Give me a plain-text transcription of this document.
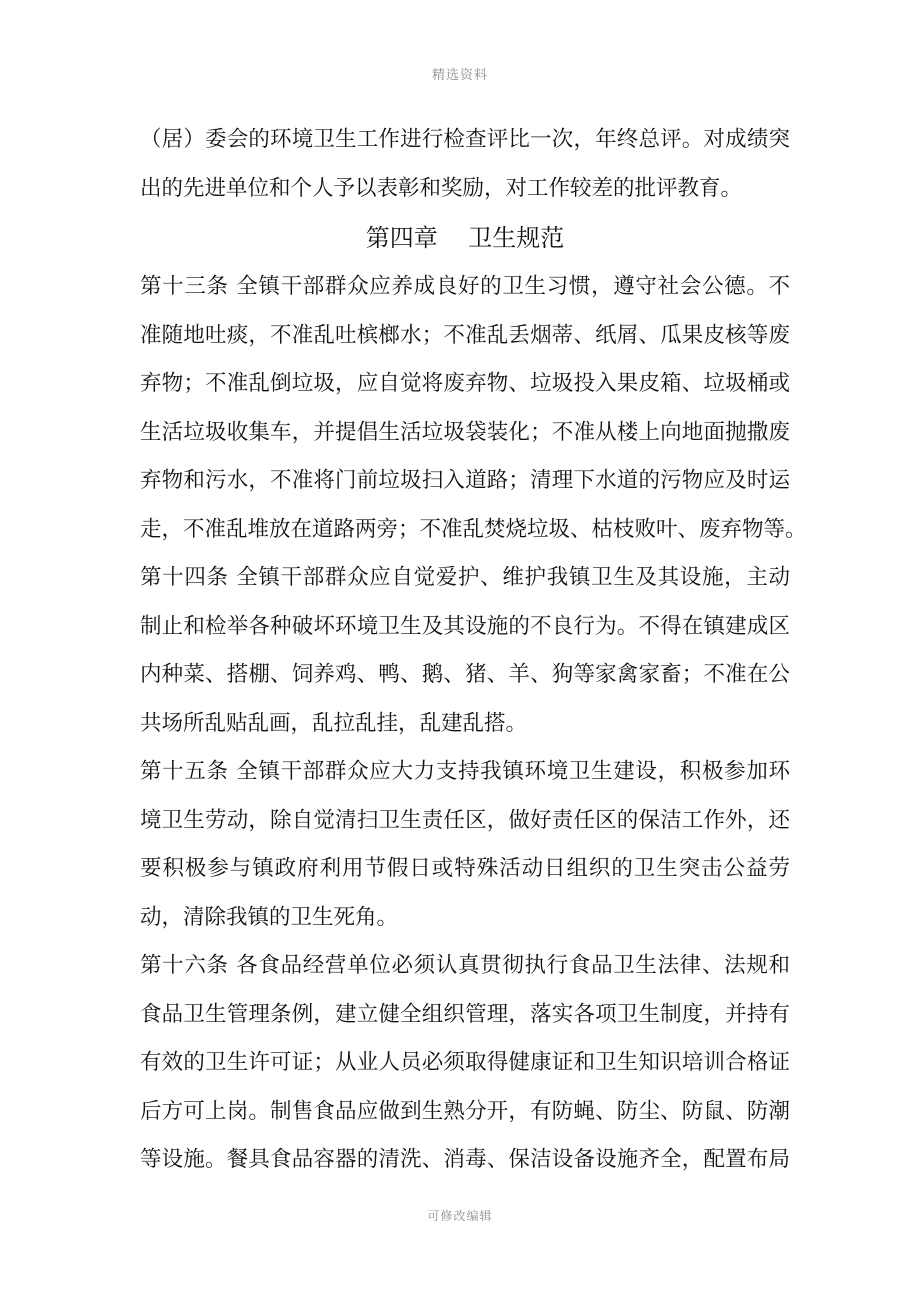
精选资料
（居）委会的环境卫生工作进行检查评比一次，年终总评。对成绩突
出的先进单位和个人予以表彰和奖励，对工作较差的批评教育。
第四章    卫生规范
第十三条 全镇干部群众应养成良好的卫生习惯，遵守社会公德。不
准随地吐痰，不准乱吐槟榔水；不准乱丢烟蒂、纸屑、瓜果皮核等废
弃物；不准乱倒垃圾，应自觉将废弃物、垃圾投入果皮箱、垃圾桶或
生活垃圾收集车，并提倡生活垃圾袋装化；不准从楼上向地面抛撒废
弃物和污水，不准将门前垃圾扫入道路；清理下水道的污物应及时运
走，不准乱堆放在道路两旁；不准乱焚烧垃圾、枯枝败叶、废弃物等。
第十四条 全镇干部群众应自觉爱护、维护我镇卫生及其设施，主动
制止和检举各种破坏环境卫生及其设施的不良行为。不得在镇建成区
内种菜、搭棚、饲养鸡、鸭、鹅、猪、羊、狗等家禽家畜；不准在公
共场所乱贴乱画，乱拉乱挂，乱建乱搭。
第十五条 全镇干部群众应大力支持我镇环境卫生建设，积极参加环
境卫生劳动，除自觉清扫卫生责任区，做好责任区的保洁工作外，还
要积极参与镇政府利用节假日或特殊活动日组织的卫生突击公益劳
动，清除我镇的卫生死角。
第十六条 各食品经营单位必须认真贯彻执行食品卫生法律、法规和
食品卫生管理条例，建立健全组织管理，落实各项卫生制度，并持有
有效的卫生许可证；从业人员必须取得健康证和卫生知识培训合格证
后方可上岗。制售食品应做到生熟分开，有防蝇、防尘、防鼠、防潮
等设施。餐具食品容器的清洗、消毒、保洁设备设施齐全，配置布局
可修改编辑
